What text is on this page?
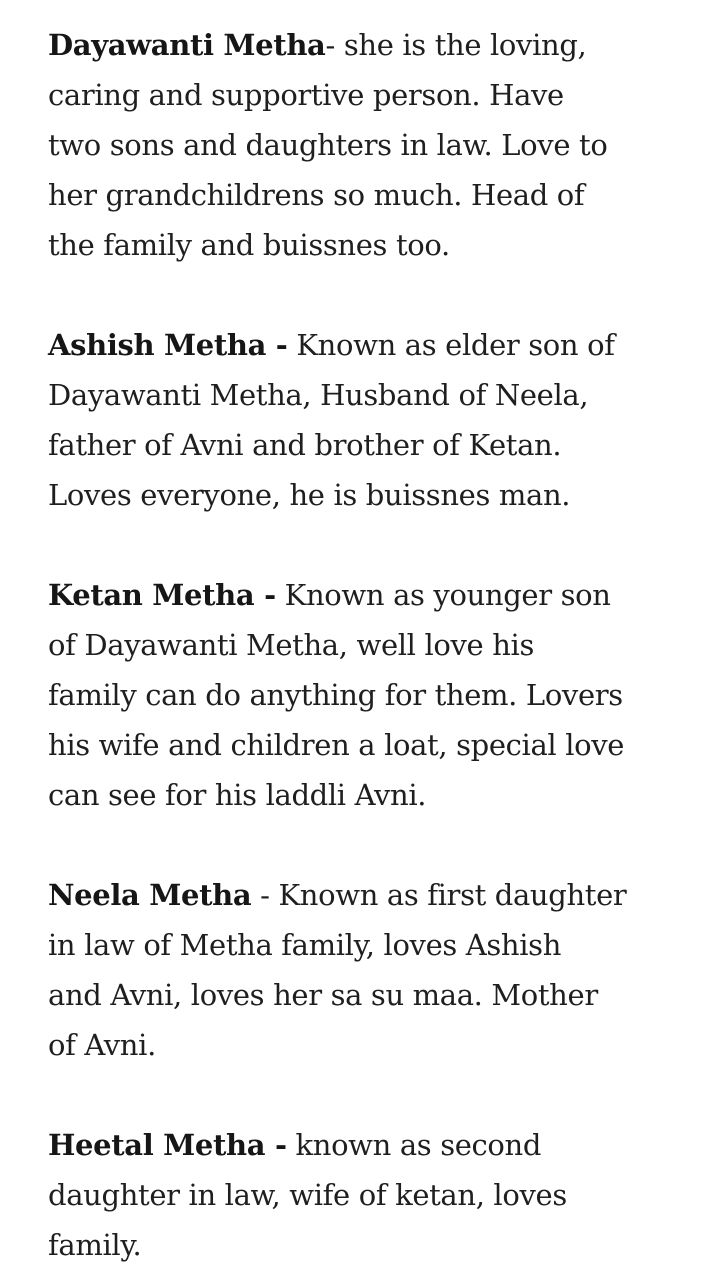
Dayawanti Metha- she is the loving,
caring and supportive person. Have
two sons and daughters in law. Love to
her grandchildrens so much. Head of
the family and buissnes too.

Ashish Metha - Known as elder son of
Dayawanti Metha, Husband of Neela,
father of Avni and brother of Ketan.
Loves everyone, he is buissnes man.

Ketan Metha - Known as younger son
of Dayawanti Metha, well love his
family can do anything for them. Lovers
his wife and children a loat, special love
can see for his laddli Avni.

Neela Metha - Known as first daughter
in law of Metha family, loves Ashish
and Avni, loves her sa su maa. Mother
of Avni.

Heetal Metha - known as second
daughter in law, wife of ketan, loves
family.
